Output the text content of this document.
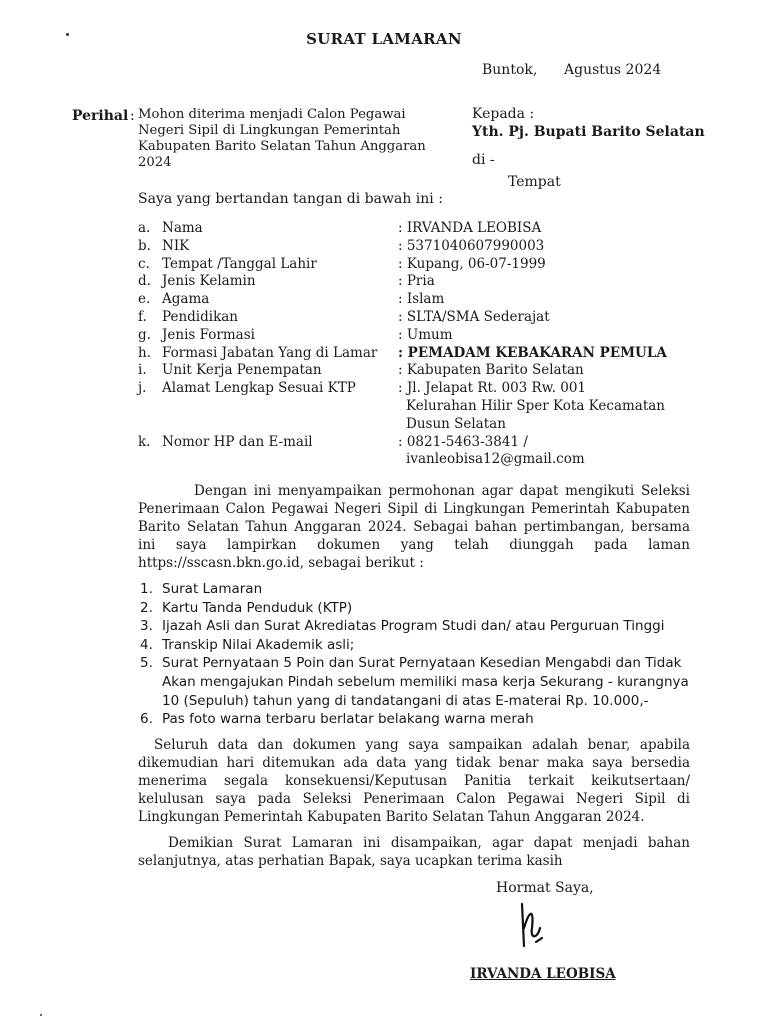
SURAT LAMARAN
Buntok,      Agustus 2024
Perihal : Mohon diterima menjadi Calon Pegawai Negeri Sipil di Lingkungan Pemerintah Kabupaten Barito Selatan Tahun Anggaran 2024
Kepada :
Yth. Pj. Bupati Barito Selatan
di -
Tempat
Saya yang bertandan tangan di bawah ini :
a. Nama	: IRVANDA LEOBISA
b. NIK	: 5371040607990003
c. Tempat /Tanggal Lahir	: Kupang, 06-07-1999
d. Jenis Kelamin	: Pria
e. Agama	: Islam
f.	Pendidikan	: SLTA/SMA Sederajat
g. Jenis Formasi	: Umum
h. Formasi Jabatan Yang di Lamar	: PEMADAM KEBAKARAN PEMULA
i.	Unit Kerja Penempatan	: Kabupaten Barito Selatan
j.	Alamat Lengkap Sesuai KTP	: Jl. Jelapat Rt. 003 Rw. 001
Kelurahan Hilir Sper Kota Kecamatan
Dusun Selatan
k. Nomor HP dan E-mail	: 0821-5463-3841 /
ivanleobisa12@gmail.com
Dengan ini menyampaikan permohonan agar dapat mengikuti Seleksi Penerimaan Calon Pegawai Negeri Sipil di Lingkungan Pemerintah Kabupaten Barito Selatan Tahun Anggaran 2024. Sebagai bahan pertimbangan, bersama ini saya lampirkan dokumen yang telah diunggah pada laman https://sscasn.bkn.go.id, sebagai berikut :
1. Surat Lamaran
2. Kartu Tanda Penduduk (KTP)
3. Ijazah Asli dan Surat Akrediatas Program Studi dan/ atau Perguruan Tinggi
4. Transkip Nilai Akademik asli;
5. Surat Pernyataan 5 Poin dan Surat Pernyataan Kesedian Mengabdi dan Tidak Akan mengajukan Pindah sebelum memiliki masa kerja Sekurang - kurangnya 10 (Sepuluh) tahun yang di tandatangani di atas E-materai Rp. 10.000,-
6. Pas foto warna terbaru berlatar belakang warna merah
Seluruh data dan dokumen yang saya sampaikan adalah benar, apabila dikemudian hari ditemukan ada data yang tidak benar maka saya bersedia menerima segala konsekuensi/Keputusan Panitia terkait keikutsertaan/ kelulusan saya pada Seleksi Penerimaan Calon Pegawai Negeri Sipil di Lingkungan Pemerintah Kabupaten Barito Selatan Tahun Anggaran 2024.
Demikian Surat Lamaran ini disampaikan, agar dapat menjadi bahan selanjutnya, atas perhatian Bapak, saya ucapkan terima kasih
Hormat Saya,
IRVANDA LEOBISA
